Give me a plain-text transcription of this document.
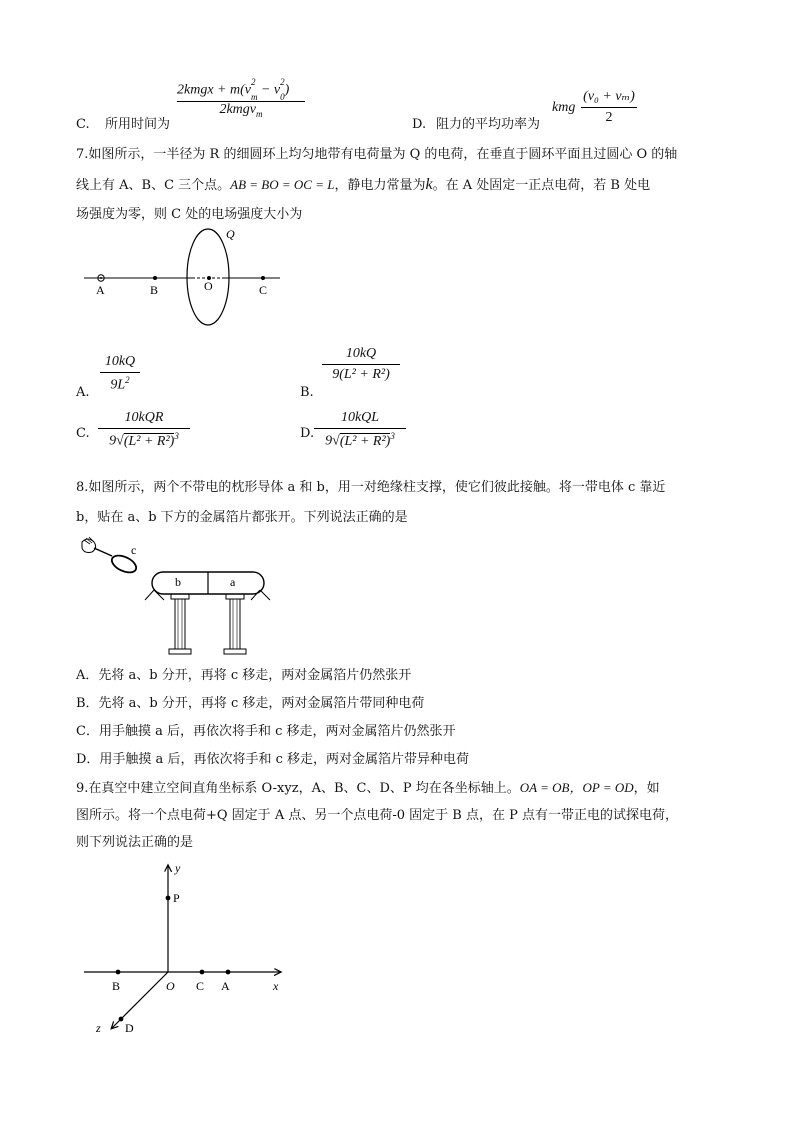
C. 所用时间为
2kmgx + m(v
2
$_m$ − v
2
$_0$)
2kmgv$_m$
D. 阻力的平均功率为
kmg
(v₀ + vₘ)
2
7.如图所示，一半径为 R 的细圆环上均匀地带有电荷量为 Q 的电荷，在垂直于圆环平面且过圆心 O 的轴
线上有 A、B、C 三个点。AB = BO = OC = L，静电力常量为k。在 A 处固定一正点电荷，若 B 处电
场强度为零，则 C 处的电场强度大小为
Q
A	B	O	C
A.
10kQ
$9L^2$
B.
10kQ
9(L² + R²)
C.
10kQR
$9√(L^2 + R^2)^3$	D.
10kQL
$9√(L^2 + R^2)^3$
8.如图所示，两个不带电的枕形导体 a 和 b，用一对绝缘柱支撑，使它们彼此接触。将一带电体 c 靠近
b，贴在 a、b 下方的金属箔片都张开。下列说法正确的是
c
b	a
A．先将 a、b 分开，再将 c 移走，两对金属箔片仍然张开
B．先将 a、b 分开，再将 c 移走，两对金属箔片带同种电荷
C．用手触摸 a 后，再依次将手和 c 移走，两对金属箔片仍然张开
D．用手触摸 a 后，再依次将手和 c 移走，两对金属箔片带异种电荷
9.在真空中建立空间直角坐标系 O-xyz，A、B、C、D、P 均在各坐标轴上。OA = OB，OP = OD，如
图所示。将一个点电荷+Q 固定于 A 点、另一个点电荷-0 固定于 B 点，在 P 点有一带正电的试探电荷，
则下列说法正确的是
y
P
B	O C A	x
z D
